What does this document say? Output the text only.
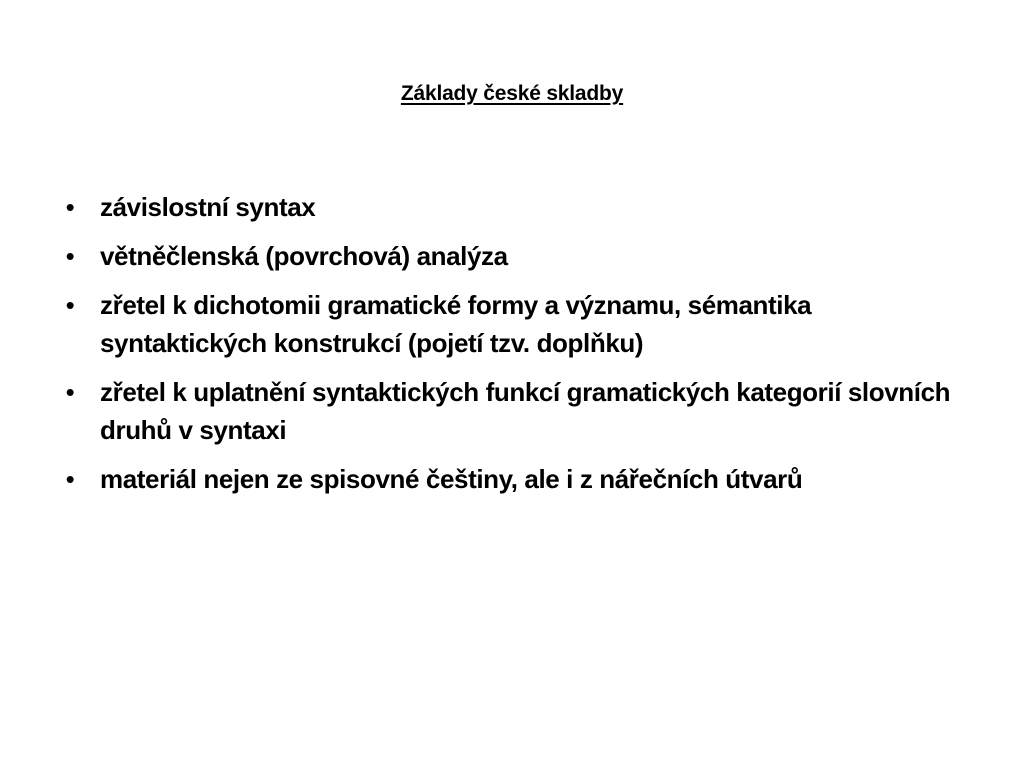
Základy české skladby
• závislostní syntax
• větněčlenská (povrchová) analýza
• zřetel k dichotomii gramatické formy a významu, sémantika syntaktických konstrukcí (pojetí tzv. doplňku)
• zřetel k uplatnění syntaktických funkcí gramatických kategorií slovních druhů v syntaxi
• materiál nejen ze spisovné češtiny, ale i z nářečních útvarů
